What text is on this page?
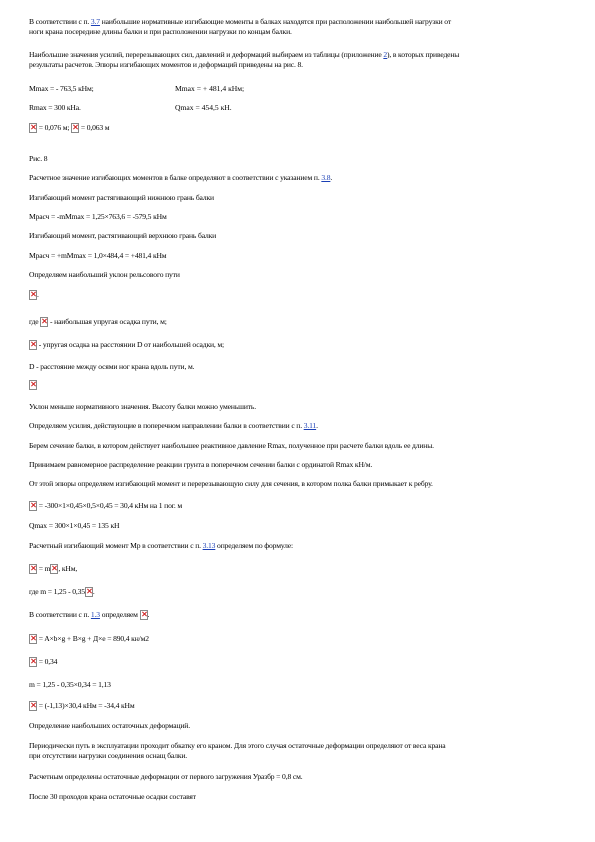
В соответствии с п. 3.7 наибольшие нормативные изгибающие моменты в балках находятся при расположении наибольшей нагрузки от
ноги крана посередине длины балки и при расположении нагрузки по концам балки.
Наибольшие значения усилий, перерезывающих сил, давлений и деформаций выбираем из таблицы (приложение 2), в которых приведены
результаты расчетов. Эпюры изгибающих моментов и деформаций приведены на рис. 8.
Mmax = - 763,5 кНм;	Mmax = + 481,4 кНм;
Rmax = 300 кНа.	Qmax = 454,5 кН.
= 0,076 м;  = 0,063 м
Рис. 8
Расчетное значение изгибающих моментов в балке определяют в соответствии с указанием п. 3.8.
Изгибающий момент растягивающий нижнюю грань балки
Мрасч = -mМmax = 1,25×763,6 = -579,5 кНм
Изгибающий момент, растягивающий верхнюю грань балки
Мрасч = +mМmax = 1,0×484,4 = +481,4 кНм
Определяем наибольший уклон рельсового пути
.
где  - наибольшая упругая осадка пути, м;
- упругая осадка на расстоянии D от наибольшей осадки, м;
D - расстояние между осями ног крана вдоль пути, м.
Уклон меньше нормативного значения. Высоту балки можно уменьшить.
Определяем усилия, действующие в поперечном направлении балки в соответствии с п. 3.11.
Берем сечение балки, в котором действует наибольшее реактивное давление Rmax, полученное при расчете балки вдоль ее длины.
Принимаем равномерное распределение реакции грунта в поперечном сечении балки с ординатой Rmax кН/м.
От этой эпюры определяем изгибающий момент и перерезывающую силу для сечения, в котором полка балки примыкает к ребру.
= -300×1×0,45×0,5×0,45 = 30,4 кНм на 1 пог. м
Qmax = 300×1×0,45 = 135 кН
Расчетный изгибающий момент Мр в соответствии с п. 3.13 определяем по формуле:
= m , кНм,
где m = 1,25 - 0,35 .
В соответствии с п. 1.3 определяем .
= A×b×g + B×g + Д×e = 890,4 кн/м2
= 0,34
m = 1,25 - 0,35×0,34 = 1,13
= (-1,13)×30,4 кНм = -34,4 кНм
Определение наибольших остаточных деформаций.
Периодически путь в эксплуатации проходит обкатку его краном. Для этого случая остаточные деформации определяют от веса крана
при отсутствии нагрузки соединения оснащ балки.
Расчетным определены остаточные деформации от первого загружения Уразбр = 0,8 см.
После 30 проходов крана остаточные осадки составят
